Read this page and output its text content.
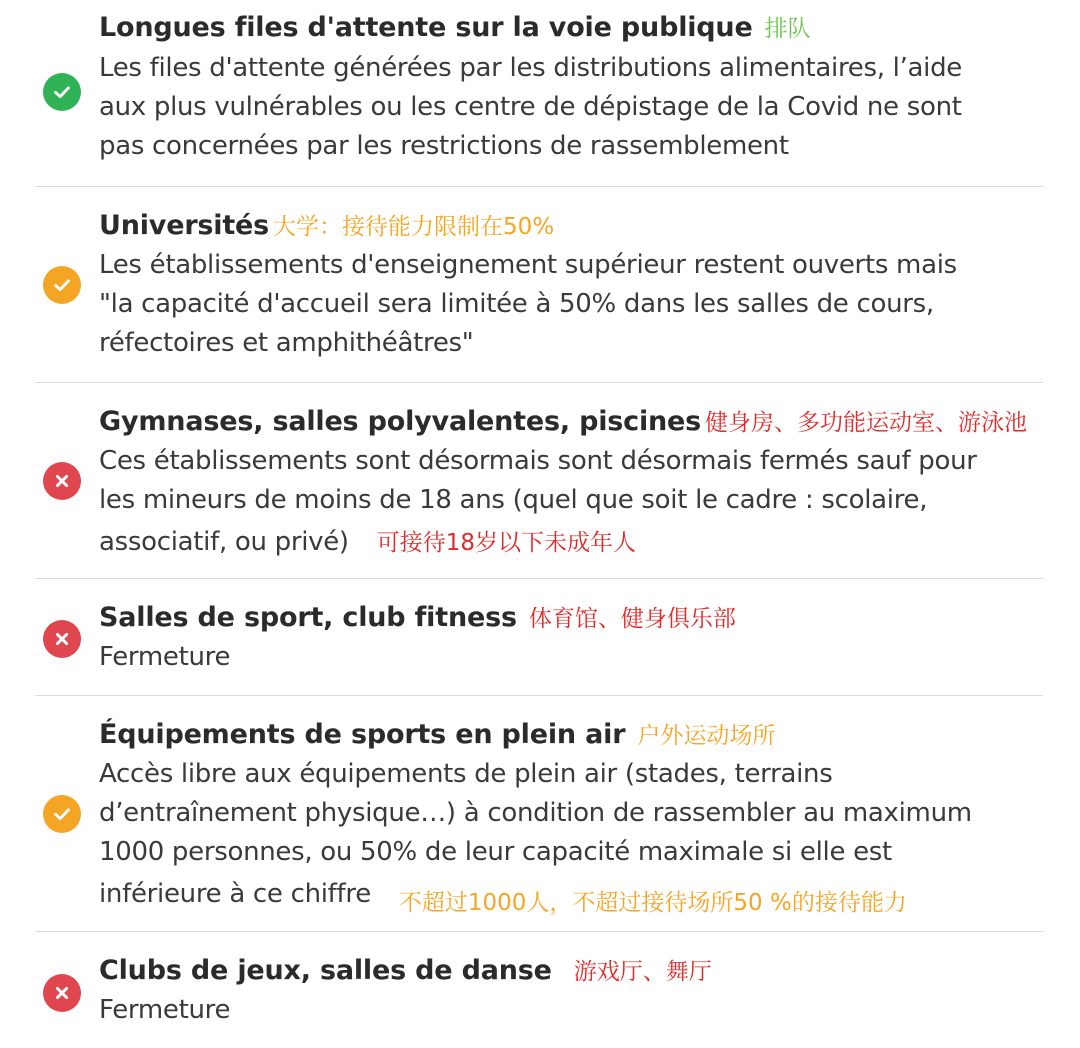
Longues files d'attente sur la voie publique 排队
Les files d'attente générées par les distributions alimentaires, l’aide
aux plus vulnérables ou les centre de dépistage de la Covid ne sont
pas concernées par les restrictions de rassemblement
Universités 大学：接待能力限制在50%
Les établissements d'enseignement supérieur restent ouverts mais
"la capacité d'accueil sera limitée à 50% dans les salles de cours,
réfectoires et amphithéâtres"
Gymnases, salles polyvalentes, piscines 健身房、多功能运动室、游泳池
Ces établissements sont désormais sont désormais fermés sauf pour
les mineurs de moins de 18 ans (quel que soit le cadre : scolaire,
associatif, ou privé) 可接待18岁以下未成年人
Salles de sport, club fitness 体育馆、健身俱乐部
Fermeture
Équipements de sports en plein air 户外运动场所
Accès libre aux équipements de plein air (stades, terrains
d’entraînement physique…) à condition de rassembler au maximum
1000 personnes, ou 50% de leur capacité maximale si elle est
inférieure à ce chiffre 不超过1000人，不超过接待场所50 %的接待能力
Clubs de jeux, salles de danse 游戏厅、舞厅
Fermeture
